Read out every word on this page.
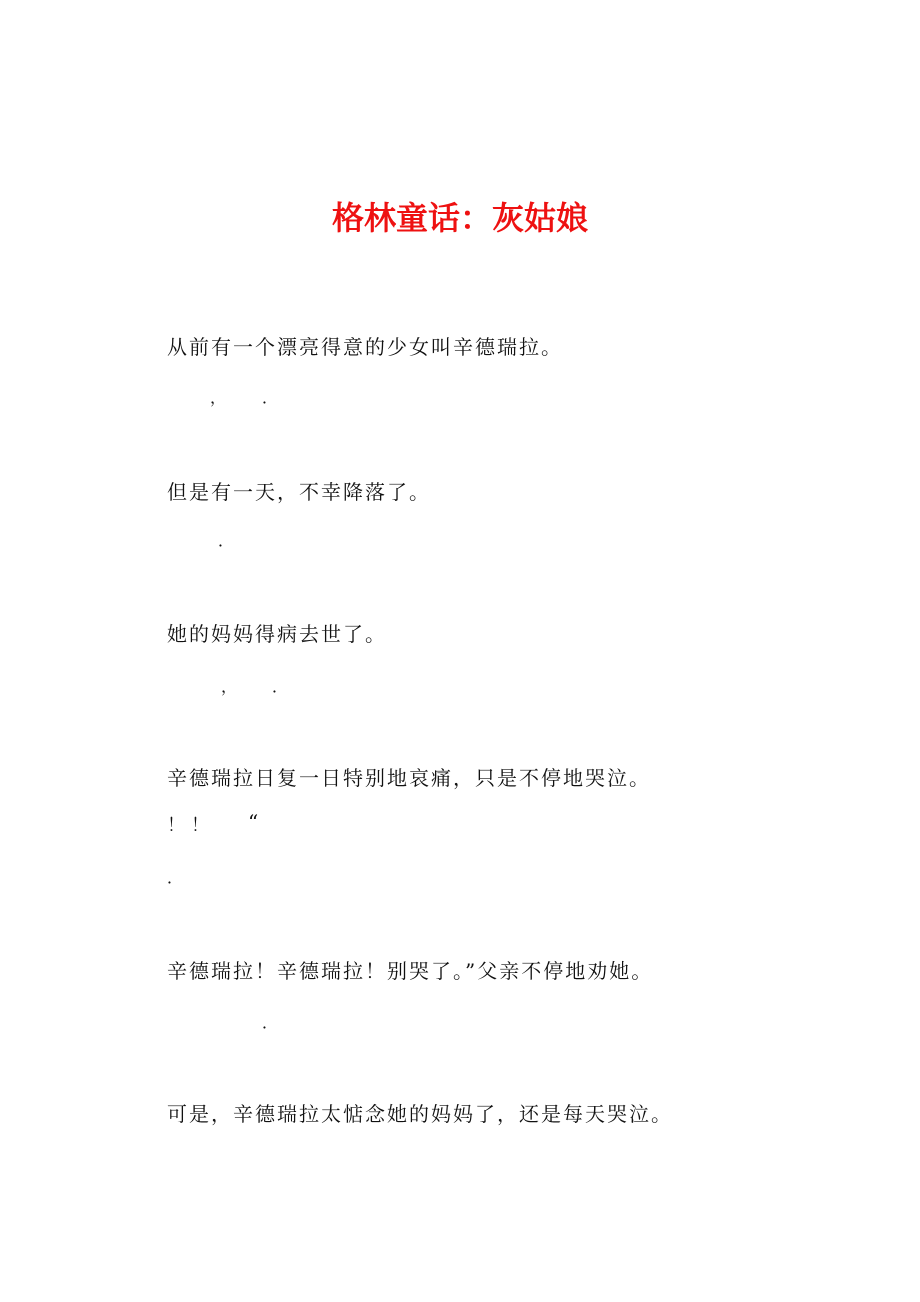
格林童话：灰姑娘
从前有一个漂亮得意的少女叫辛德瑞拉。
， ．
但是有一天，不幸降落了。
．
她的妈妈得病去世了。
， ．
辛德瑞拉日复一日特别地哀痛，只是不停地哭泣。
！！ “
．
辛德瑞拉！辛德瑞拉！别哭了。”父亲不停地劝她。
．
可是，辛德瑞拉太惦念她的妈妈了，还是每天哭泣。
